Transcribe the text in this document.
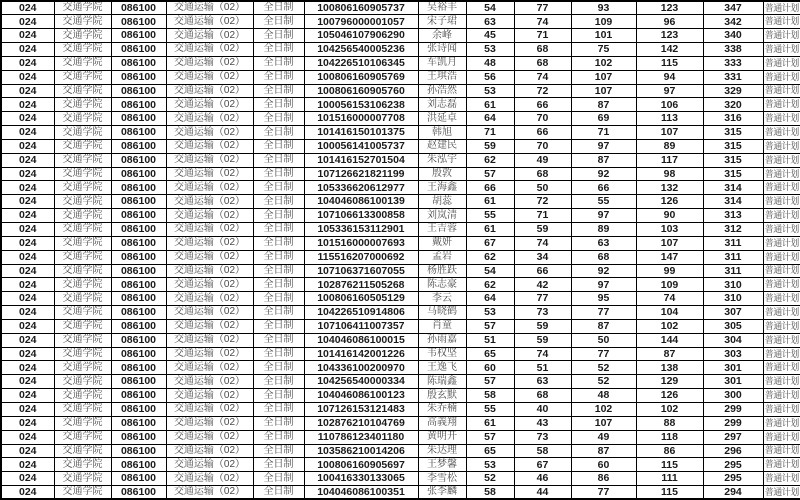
024	交通学院	086100	交通运输（02）	全日制	100806160905737	吴裕丰	54	77	93	123	347	普通计划
024	交通学院	086100	交通运输（02）	全日制	100796000001057	宋子珺	63	74	109	96	342	普通计划
024	交通学院	086100	交通运输（02）	全日制	105046107906290	余峰	45	71	101	123	340	普通计划
024	交通学院	086100	交通运输（02）	全日制	104256540005236	张诗闻	53	68	75	142	338	普通计划
024	交通学院	086100	交通运输（02）	全日制	104226510106345	车凯月	48	68	102	115	333	普通计划
024	交通学院	086100	交通运输（02）	全日制	100806160905769	王琪浩	56	74	107	94	331	普通计划
024	交通学院	086100	交通运输（02）	全日制	100806160905760	孙浩然	53	72	107	97	329	普通计划
024	交通学院	086100	交通运输（02）	全日制	100056153106238	刘志磊	61	66	87	106	320	普通计划
024	交通学院	086100	交通运输（02）	全日制	101516000007708	洪延卓	64	70	69	113	316	普通计划
024	交通学院	086100	交通运输（02）	全日制	101416150101375	韩旭	71	66	71	107	315	普通计划
024	交通学院	086100	交通运输（02）	全日制	100056141005737	赵建民	59	70	97	89	315	普通计划
024	交通学院	086100	交通运输（02）	全日制	101416152701504	朱泓宇	62	49	87	117	315	普通计划
024	交通学院	086100	交通运输（02）	全日制	107126621821199	殷敦	57	68	92	98	315	普通计划
024	交通学院	086100	交通运输（02）	全日制	105336620612977	王海鑫	66	50	66	132	314	普通计划
024	交通学院	086100	交通运输（02）	全日制	104046086100139	胡蕊	61	72	55	126	314	普通计划
024	交通学院	086100	交通运输（02）	全日制	107106613300858	刘岚清	55	71	97	90	313	普通计划
024	交通学院	086100	交通运输（02）	全日制	105336153112901	王吉蓉	61	59	89	103	312	普通计划
024	交通学院	086100	交通运输（02）	全日制	101516000007693	戴妍	67	74	63	107	311	普通计划
024	交通学院	086100	交通运输（02）	全日制	115516207000692	孟岩	62	34	68	147	311	普通计划
024	交通学院	086100	交通运输（02）	全日制	107106371607055	杨胜跃	54	66	92	99	311	普通计划
024	交通学院	086100	交通运输（02）	全日制	102876211505268	陈志豪	62	42	97	109	310	普通计划
024	交通学院	086100	交通运输（02）	全日制	100806160505129	李云	64	77	95	74	310	普通计划
024	交通学院	086100	交通运输（02）	全日制	104226510914806	马晓鹤	53	73	77	104	307	普通计划
024	交通学院	086100	交通运输（02）	全日制	107106411007357	肖童	57	59	87	102	305	普通计划
024	交通学院	086100	交通运输（02）	全日制	104046086100015	孙雨嘉	51	59	50	144	304	普通计划
024	交通学院	086100	交通运输（02）	全日制	101416142001226	韦权坚	65	74	77	87	303	普通计划
024	交通学院	086100	交通运输（02）	全日制	104336100200970	王逸飞	60	51	52	138	301	普通计划
024	交通学院	086100	交通运输（02）	全日制	104256540000334	陈瑞鑫	57	63	52	129	301	普通计划
024	交通学院	086100	交通运输（02）	全日制	104046086100123	殷玄默	58	68	48	126	300	普通计划
024	交通学院	086100	交通运输（02）	全日制	107126153121483	朱乔楠	55	40	102	102	299	普通计划
024	交通学院	086100	交通运输（02）	全日制	102876210104769	高義翔	61	43	107	88	299	普通计划
024	交通学院	086100	交通运输（02）	全日制	110786123401180	黄明开	57	73	49	118	297	普通计划
024	交通学院	086100	交通运输（02）	全日制	103586210014206	朱达理	65	58	87	86	296	普通计划
024	交通学院	086100	交通运输（02）	全日制	100806160905697	王梦馨	53	67	60	115	295	普通计划
024	交通学院	086100	交通运输（02）	全日制	100416330133065	李雪松	52	46	86	111	295	普通计划
024	交通学院	086100	交通运输（02）	全日制	104046086100351	张李麟	58	44	77	115	294	普通计划
